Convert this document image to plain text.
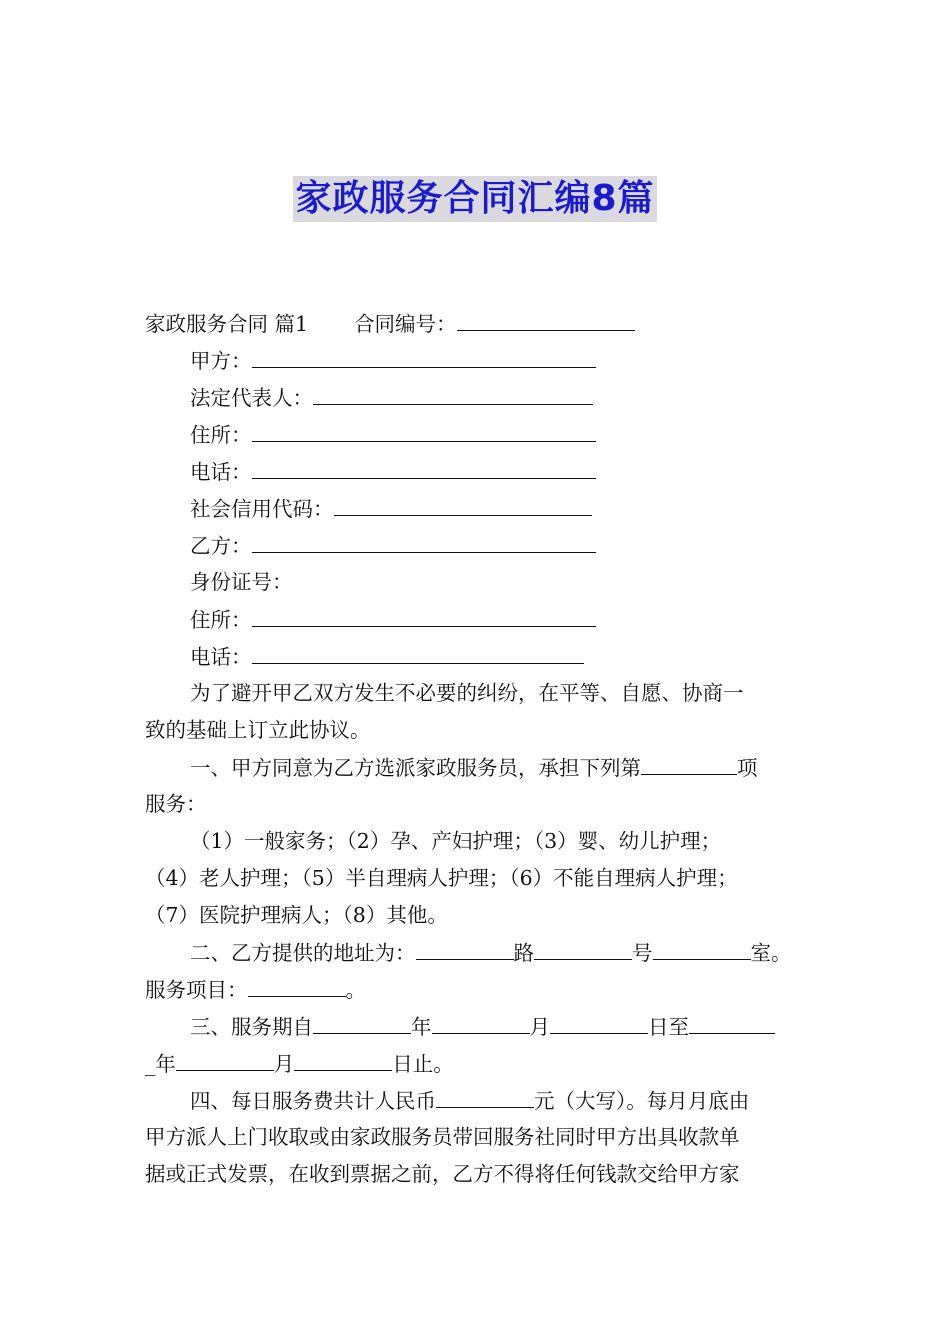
家政服务合同汇编8篇
家政服务合同 篇1 合同编号：
甲方：
法定代表人：
住所：
电话：
社会信用代码：
乙方：
身份证号：
住所：
电话：
为了避开甲乙双方发生不必要的纠纷，在平等、自愿、协商一
致的基础上订立此协议。
一、甲方同意为乙方选派家政服务员，承担下列第	项
服务：
（1）一般家务；（2）孕、产妇护理；（3）婴、幼儿护理；
（4）老人护理；（5）半自理病人护理；（6）不能自理病人护理；
（7）医院护理病人；（8）其他。
二、乙方提供的地址为：	路	号	室。
服务项目：	。
三、服务期自	年	月	日至
_年	月	日止。
四、每日服务费共计人民币	元（大写）。每月月底由
甲方派人上门收取或由家政服务员带回服务社同时甲方出具收款单
据或正式发票，在收到票据之前，乙方不得将任何钱款交给甲方家
